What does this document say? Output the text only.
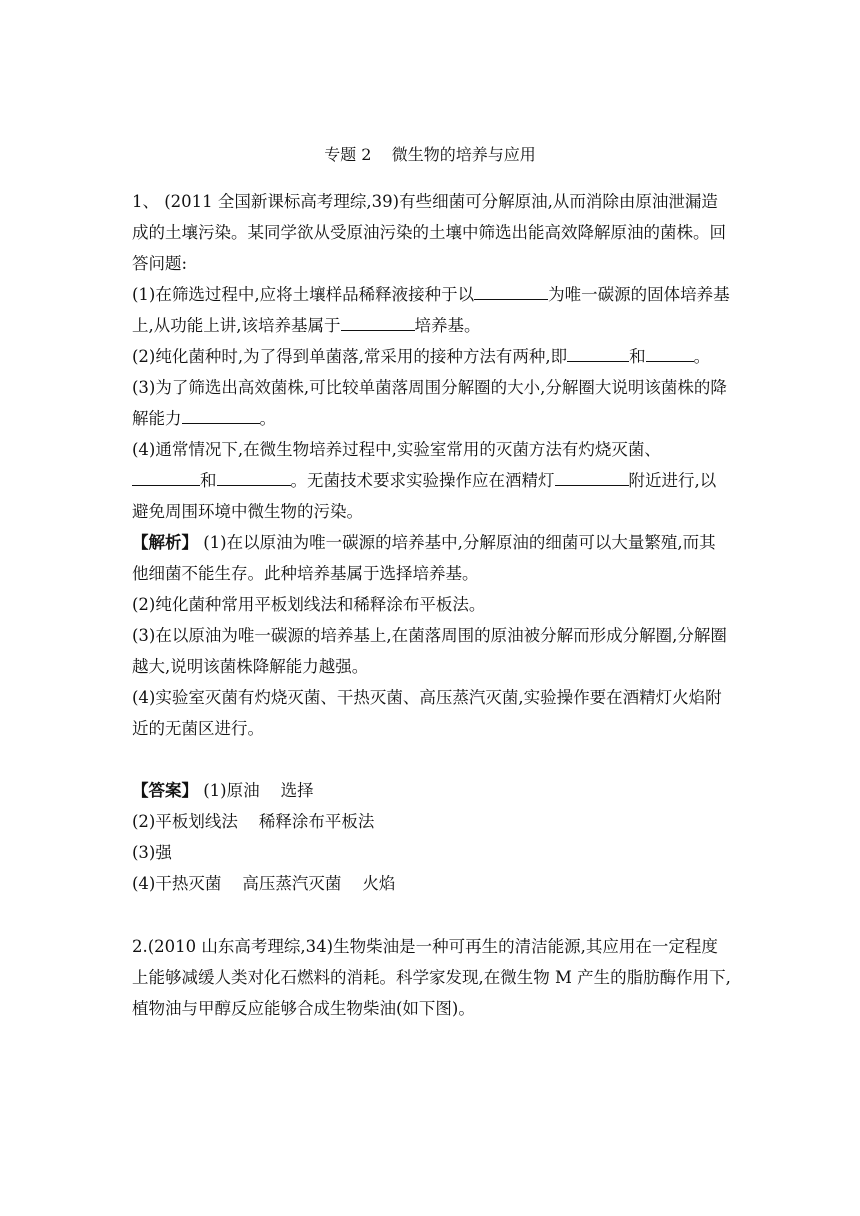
专题 2    微生物的培养与应用

1、 (2011 全国新课标高考理综,39)有些细菌可分解原油,从而消除由原油泄漏造成的土壤污染。某同学欲从受原油污染的土壤中筛选出能高效降解原油的菌株。回答问题:

(1)在筛选过程中,应将土壤样品稀释液接种于以	为唯一碳源的固体培养基上,从功能上讲,该培养基属于	培养基。

(2)纯化菌种时,为了得到单菌落,常采用的接种方法有两种,即	和	。

(3)为了筛选出高效菌株,可比较单菌落周围分解圈的大小,分解圈大说明该菌株的降解能力	。

(4)通常情况下,在微生物培养过程中,实验室常用的灭菌方法有灼烧灭菌、
和	。无菌技术要求实验操作应在酒精灯	附近进行,以避免周围环境中微生物的污染。

【解析】 (1)在以原油为唯一碳源的培养基中,分解原油的细菌可以大量繁殖,而其他细菌不能生存。此种培养基属于选择培养基。

(2)纯化菌种常用平板划线法和稀释涂布平板法。

(3)在以原油为唯一碳源的培养基上,在菌落周围的原油被分解而形成分解圈,分解圈越大,说明该菌株降解能力越强。

(4)实验室灭菌有灼烧灭菌、干热灭菌、高压蒸汽灭菌,实验操作要在酒精灯火焰附近的无菌区进行。

【答案】 (1)原油    选择

(2)平板划线法    稀释涂布平板法

(3)强

(4)干热灭菌    高压蒸汽灭菌    火焰

2.(2010 山东高考理综,34)生物柴油是一种可再生的清洁能源,其应用在一定程度上能够减缓人类对化石燃料的消耗。科学家发现,在微生物 M 产生的脂肪酶作用下,植物油与甲醇反应能够合成生物柴油(如下图)。
